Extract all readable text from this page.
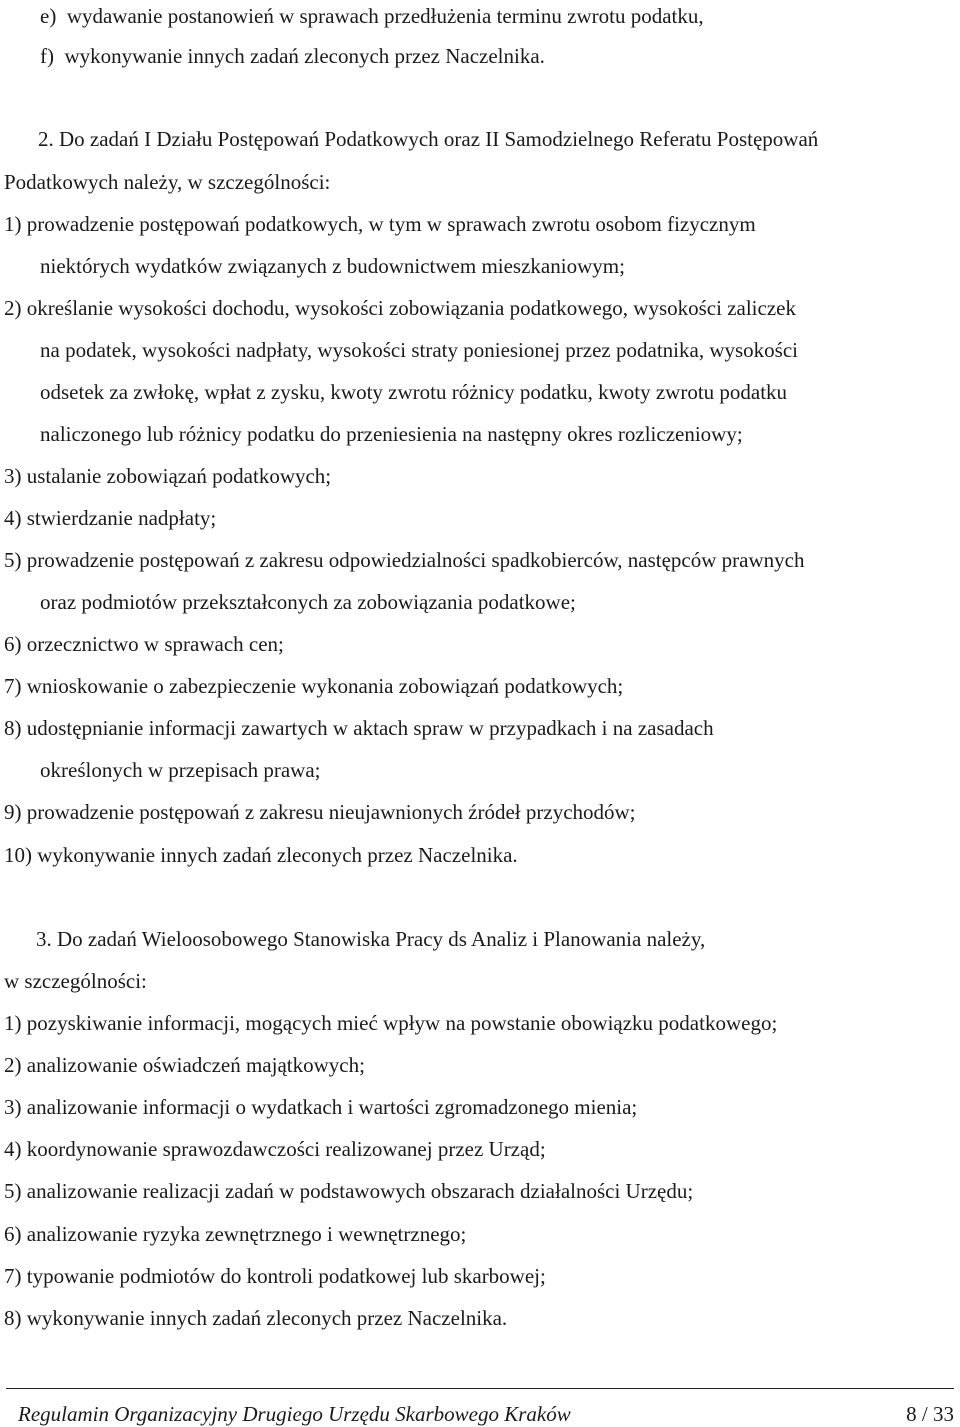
e)  wydawanie postanowień w sprawach przedłużenia terminu zwrotu podatku,
f)  wykonywanie innych zadań zleconych przez Naczelnika.
2. Do zadań I Działu Postępowań Podatkowych oraz II Samodzielnego Referatu Postępowań
Podatkowych należy, w szczególności:
1) prowadzenie postępowań podatkowych, w tym w sprawach zwrotu osobom fizycznym
niektórych wydatków związanych z budownictwem mieszkaniowym;
2) określanie wysokości dochodu, wysokości zobowiązania podatkowego, wysokości zaliczek
na podatek, wysokości nadpłaty, wysokości straty poniesionej przez podatnika, wysokości
odsetek za zwłokę, wpłat z zysku, kwoty zwrotu różnicy podatku, kwoty zwrotu podatku
naliczonego lub różnicy podatku do przeniesienia na następny okres rozliczeniowy;
3) ustalanie zobowiązań podatkowych;
4) stwierdzanie nadpłaty;
5) prowadzenie postępowań z zakresu odpowiedzialności spadkobierców, następców prawnych
oraz podmiotów przekształconych za zobowiązania podatkowe;
6) orzecznictwo w sprawach cen;
7) wnioskowanie o zabezpieczenie wykonania zobowiązań podatkowych;
8) udostępnianie informacji zawartych w aktach spraw w przypadkach i na zasadach
określonych w przepisach prawa;
9) prowadzenie postępowań z zakresu nieujawnionych źródeł przychodów;
10) wykonywanie innych zadań zleconych przez Naczelnika.
3. Do zadań Wieloosobowego Stanowiska Pracy ds Analiz i Planowania należy,
w szczególności:
1) pozyskiwanie informacji, mogących mieć wpływ na powstanie obowiązku podatkowego;
2) analizowanie oświadczeń majątkowych;
3) analizowanie informacji o wydatkach i wartości zgromadzonego mienia;
4) koordynowanie sprawozdawczości realizowanej przez Urząd;
5) analizowanie realizacji zadań w podstawowych obszarach działalności Urzędu;
6) analizowanie ryzyka zewnętrznego i wewnętrznego;
7) typowanie podmiotów do kontroli podatkowej lub skarbowej;
8) wykonywanie innych zadań zleconych przez Naczelnika.
Regulamin Organizacyjny Drugiego Urzędu Skarbowego Kraków	8 / 33
